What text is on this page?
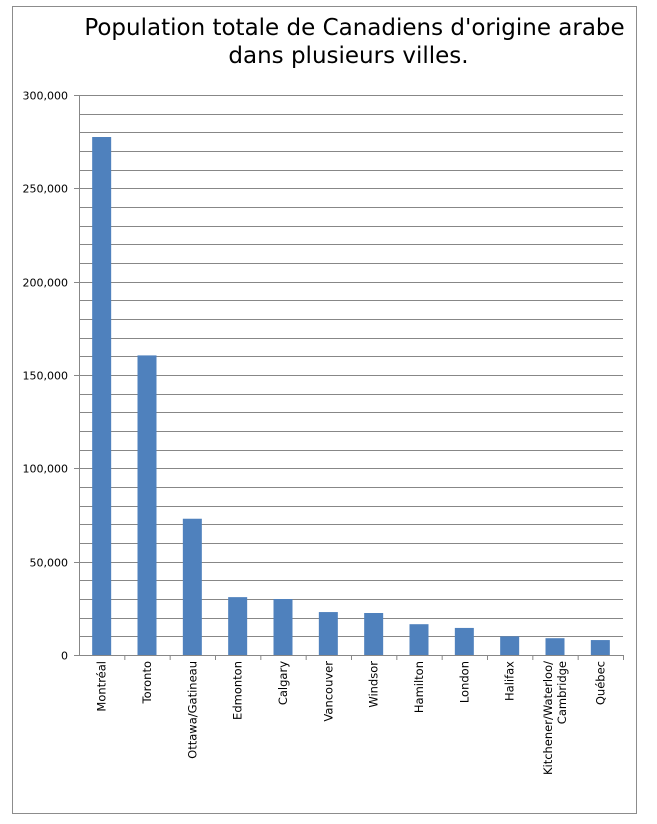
Population totale de Canadiens d'origine arabe
dans plusieurs villes.
0
50,000
100,000
150,000
200,000
250,000
300,000
Montréal	Toronto	Ottawa/Gatineau	Edmonton	Calgary	Vancouver	Windsor	Hamilton	London	Halifax Kitchener/Waterloo/Cambridge Québec
